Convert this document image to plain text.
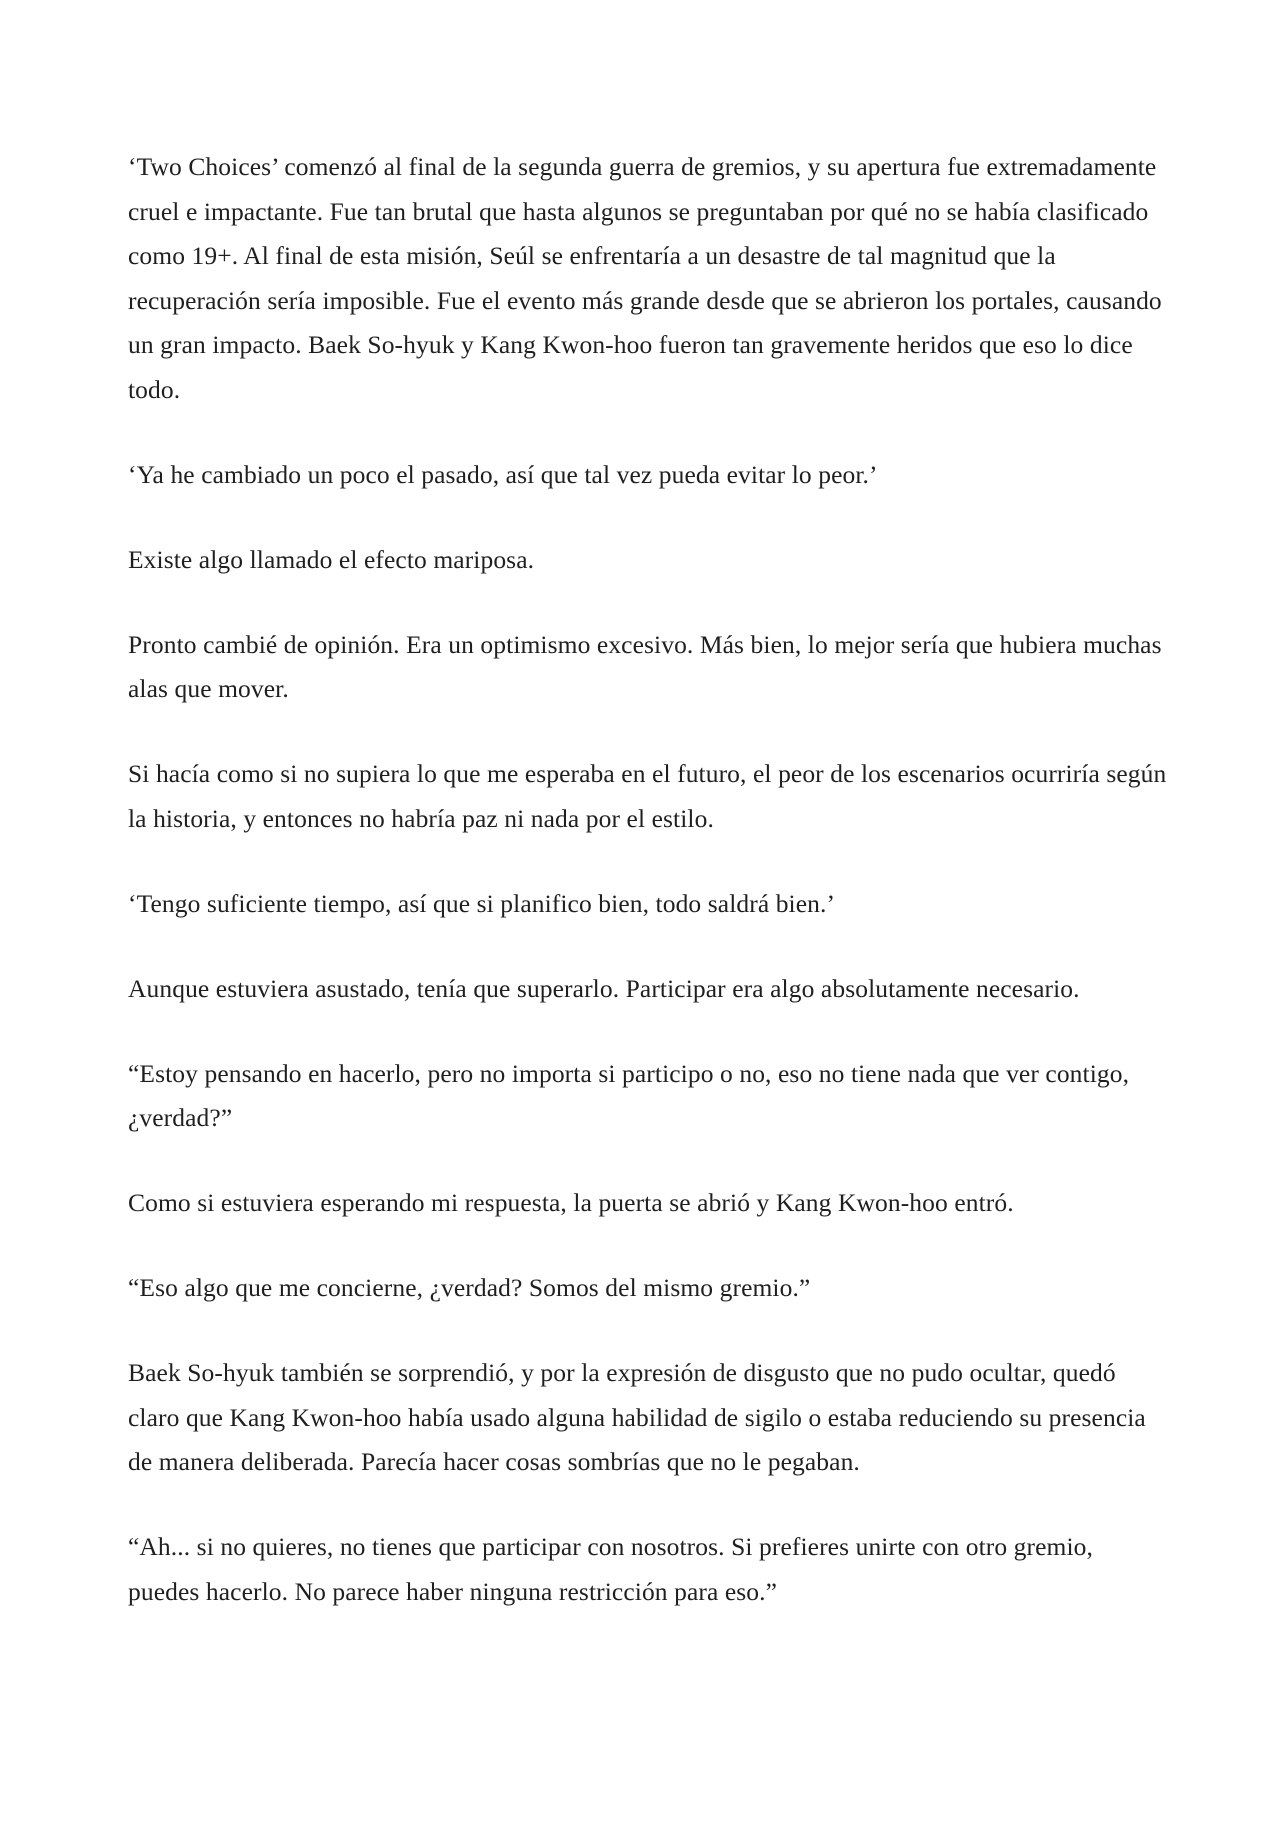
‘Two Choices’ comenzó al final de la segunda guerra de gremios, y su apertura fue extremadamente cruel e impactante. Fue tan brutal que hasta algunos se preguntaban por qué no se había clasificado como 19+. Al final de esta misión, Seúl se enfrentaría a un desastre de tal magnitud que la recuperación sería imposible. Fue el evento más grande desde que se abrieron los portales, causando un gran impacto. Baek So-hyuk y Kang Kwon-hoo fueron tan gravemente heridos que eso lo dice todo.

‘Ya he cambiado un poco el pasado, así que tal vez pueda evitar lo peor.’

Existe algo llamado el efecto mariposa.

Pronto cambié de opinión. Era un optimismo excesivo. Más bien, lo mejor sería que hubiera muchas alas que mover.

Si hacía como si no supiera lo que me esperaba en el futuro, el peor de los escenarios ocurriría según la historia, y entonces no habría paz ni nada por el estilo.

‘Tengo suficiente tiempo, así que si planifico bien, todo saldrá bien.’

Aunque estuviera asustado, tenía que superarlo. Participar era algo absolutamente necesario.

“Estoy pensando en hacerlo, pero no importa si participo o no, eso no tiene nada que ver contigo, ¿verdad?”

Como si estuviera esperando mi respuesta, la puerta se abrió y Kang Kwon-hoo entró.

“Eso algo que me concierne, ¿verdad? Somos del mismo gremio.”

Baek So-hyuk también se sorprendió, y por la expresión de disgusto que no pudo ocultar, quedó claro que Kang Kwon-hoo había usado alguna habilidad de sigilo o estaba reduciendo su presencia de manera deliberada. Parecía hacer cosas sombrías que no le pegaban.

“Ah... si no quieres, no tienes que participar con nosotros. Si prefieres unirte con otro gremio, puedes hacerlo. No parece haber ninguna restricción para eso.”
